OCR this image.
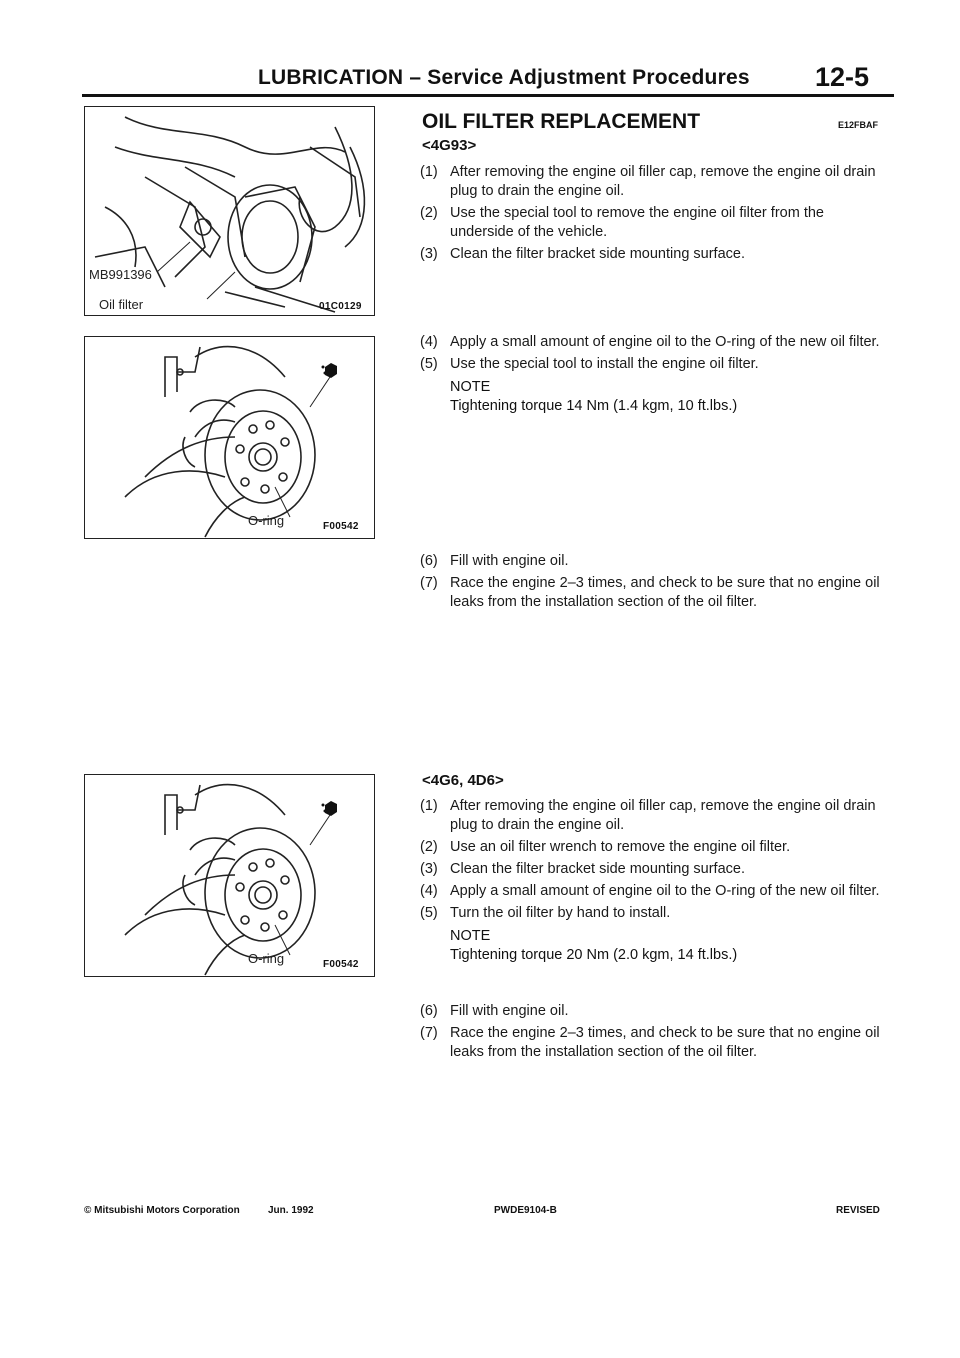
LUBRICATION – Service Adjustment Procedures 12-5
MB991396
Oil filter	01C0129
O-ring	F00542
O-ring	F00542
OIL FILTER REPLACEMENT	E12FBAF
<4G93>
(1) After removing the engine oil filler cap, remove the engine oil drain plug to drain the engine oil.
(2) Use the special tool to remove the engine oil filter from the underside of the vehicle.
(3) Clean the filter bracket side mounting surface.
(4) Apply a small amount of engine oil to the O-ring of the new oil filter.
(5) Use the special tool to install the engine oil filter.
NOTE
Tightening torque 14 Nm (1.4 kgm, 10 ft.lbs.)
(6) Fill with engine oil.
(7) Race the engine 2–3 times, and check to be sure that no engine oil leaks from the installation section of the oil filter.
<4G6, 4D6>
(1) After removing the engine oil filler cap, remove the engine oil drain plug to drain the engine oil.
(2) Use an oil filter wrench to remove the engine oil filter.
(3) Clean the filter bracket side mounting surface.
(4) Apply a small amount of engine oil to the O-ring of the new oil filter.
(5) Turn the oil filter by hand to install.
NOTE
Tightening torque 20 Nm (2.0 kgm, 14 ft.lbs.)
(6) Fill with engine oil.
(7) Race the engine 2–3 times, and check to be sure that no engine oil leaks from the installation section of the oil filter.
© Mitsubishi Motors Corporation	Jun. 1992	PWDE9104-B	REVISED
